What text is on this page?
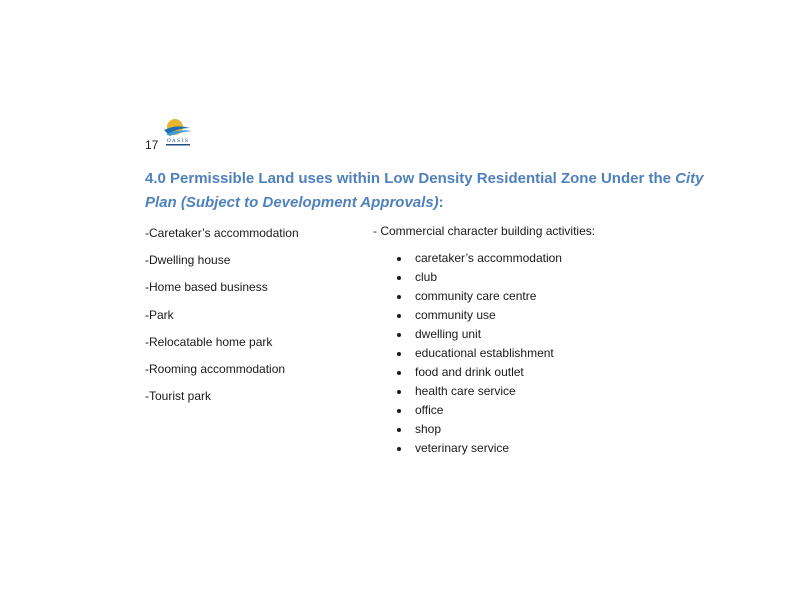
17 OASIS
4.0 Permissible Land uses within Low Density Residential Zone Under the City Plan (Subject to Development Approvals):
-Caretaker’s accommodation
-Dwelling house
-Home based business
-Park
-Relocatable home park
-Rooming accommodation
-Tourist park
- Commercial character building activities:
caretaker’s accommodation
club
community care centre
community use
dwelling unit
educational establishment
food and drink outlet
health care service
office
shop
veterinary service
